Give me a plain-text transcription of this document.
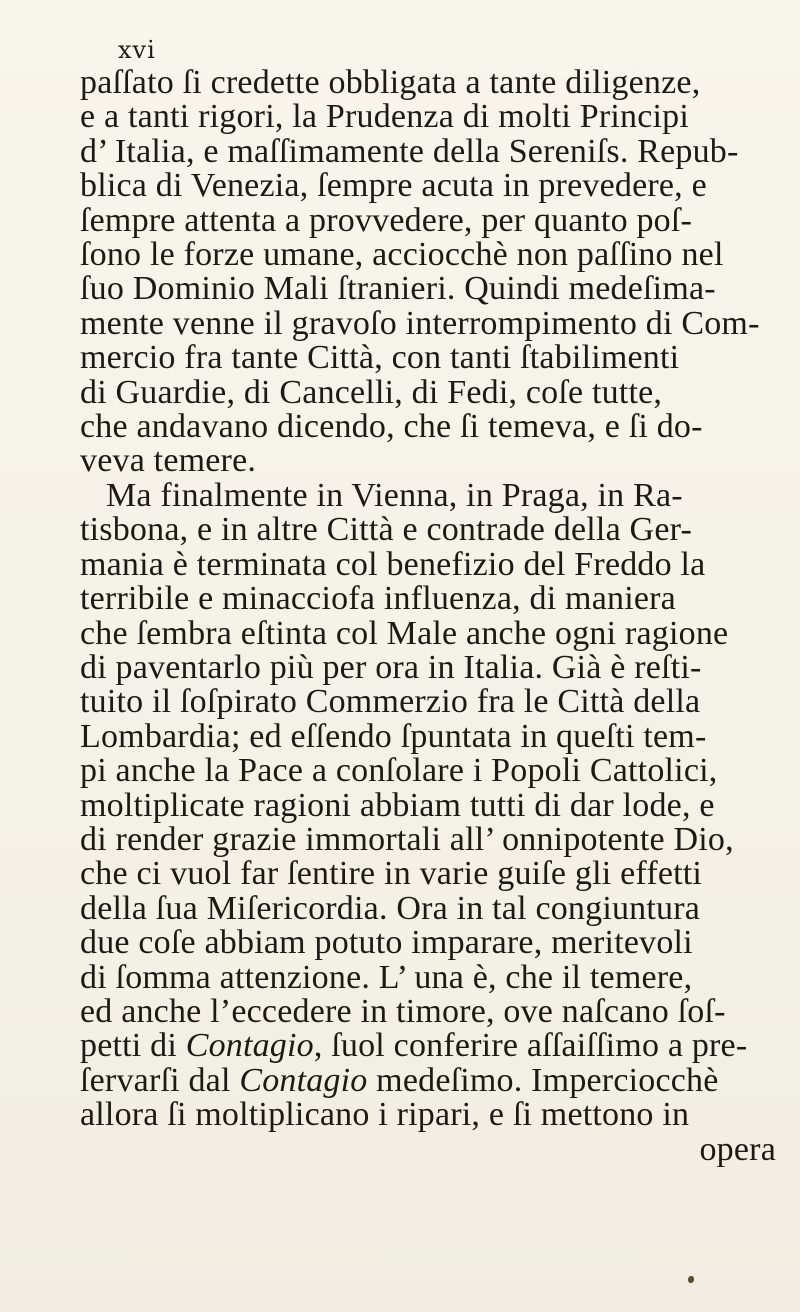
xvi
paſſato ſi credette obbligata a tante diligenze,
e a tanti rigori, la Prudenza di molti Principi
d’ Italia, e maſſimamente della Sereniſs. Repub-
blica di Venezia, ſempre acuta in prevedere, e
ſempre attenta a provvedere, per quanto poſ-
ſono le forze umane, acciocchè non paſſino nel
ſuo Dominio Mali ſtranieri. Quindi medeſima-
mente venne il gravoſo interrompimento di Com-
mercio fra tante Città, con tanti ſtabilimenti
di Guardie, di Cancelli, di Fedi, coſe tutte,
che andavano dicendo, che ſi temeva, e ſi do-
veva temere.
Ma finalmente in Vienna, in Praga, in Ra-
tisbona, e in altre Città e contrade della Ger-
mania è terminata col benefizio del Freddo la
terribile e minacciofa influenza, di maniera
che ſembra eſtinta col Male anche ogni ragione
di paventarlo più per ora in Italia. Già è reſti-
tuito il ſoſpirato Commerzio fra le Città della
Lombardia; ed eſſendo ſpuntata in queſti tem-
pi anche la Pace a conſolare i Popoli Cattolici,
moltiplicate ragioni abbiam tutti di dar lode, e
di render grazie immortali all’ onnipotente Dio,
che ci vuol far ſentire in varie guiſe gli effetti
della ſua Miſericordia. Ora in tal congiuntura
due coſe abbiam potuto imparare, meritevoli
di ſomma attenzione. L’ una è, che il temere,
ed anche l’eccedere in timore, ove naſcano ſoſ-
petti di Contagio, ſuol conferire aſſaiſſimo a pre-
ſervarſi dal Contagio medeſimo. Impercioсchè
allora ſi moltiplicano i ripari, e ſi mettono in
opera
